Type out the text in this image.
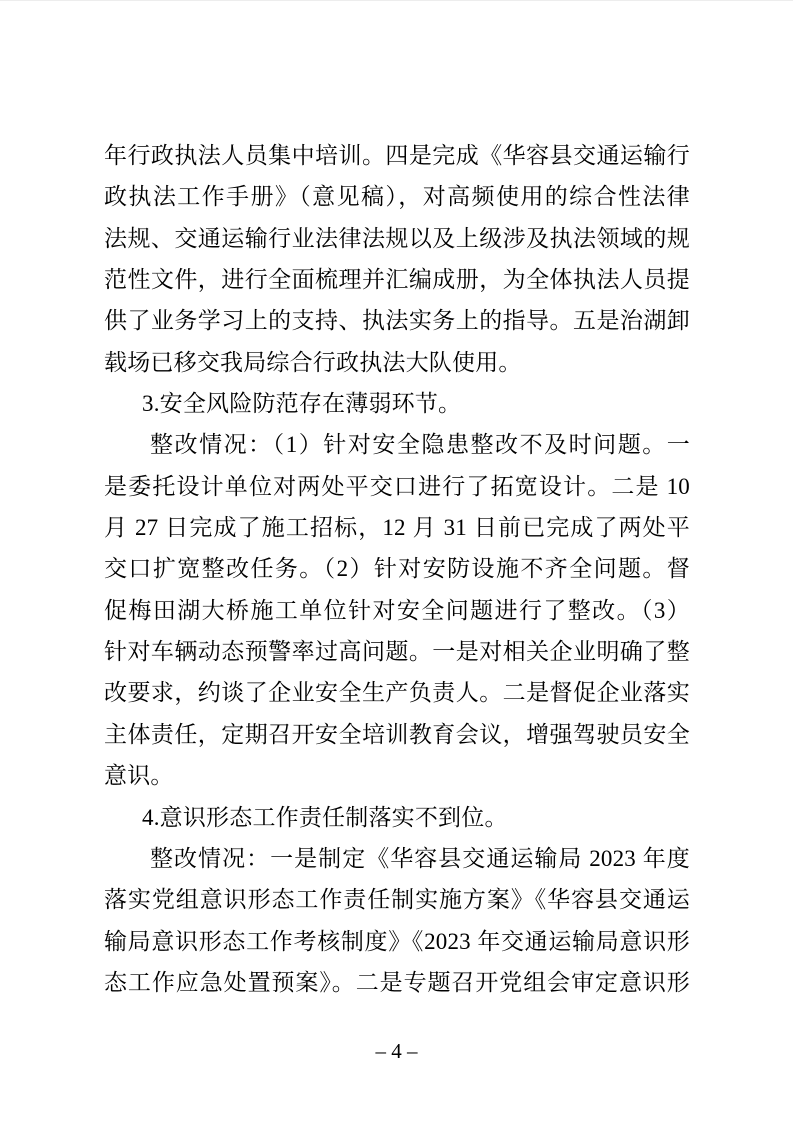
年行政执法人员集中培训。四是完成《华容县交通运输行
政执法工作手册》（意见稿），对高频使用的综合性法律
法规、交通运输行业法律法规以及上级涉及执法领域的规
范性文件，进行全面梳理并汇编成册，为全体执法人员提
供了业务学习上的支持、执法实务上的指导。五是治湖卸
载场已移交我局综合行政执法大队使用。
3.安全风险防范存在薄弱环节。
整改情况：（1）针对安全隐患整改不及时问题。一
是委托设计单位对两处平交口进行了拓宽设计。二是 10
月 27 日完成了施工招标，12 月 31 日前已完成了两处平
交口扩宽整改任务。（2）针对安防设施不齐全问题。督
促梅田湖大桥施工单位针对安全问题进行了整改。（3）
针对车辆动态预警率过高问题。一是对相关企业明确了整
改要求，约谈了企业安全生产负责人。二是督促企业落实
主体责任，定期召开安全培训教育会议，增强驾驶员安全
意识。
4.意识形态工作责任制落实不到位。
整改情况：一是制定《华容县交通运输局 2023 年度
落实党组意识形态工作责任制实施方案》《华容县交通运
输局意识形态工作考核制度》《2023 年交通运输局意识形
态工作应急处置预案》。二是专题召开党组会审定意识形
– 4 –
